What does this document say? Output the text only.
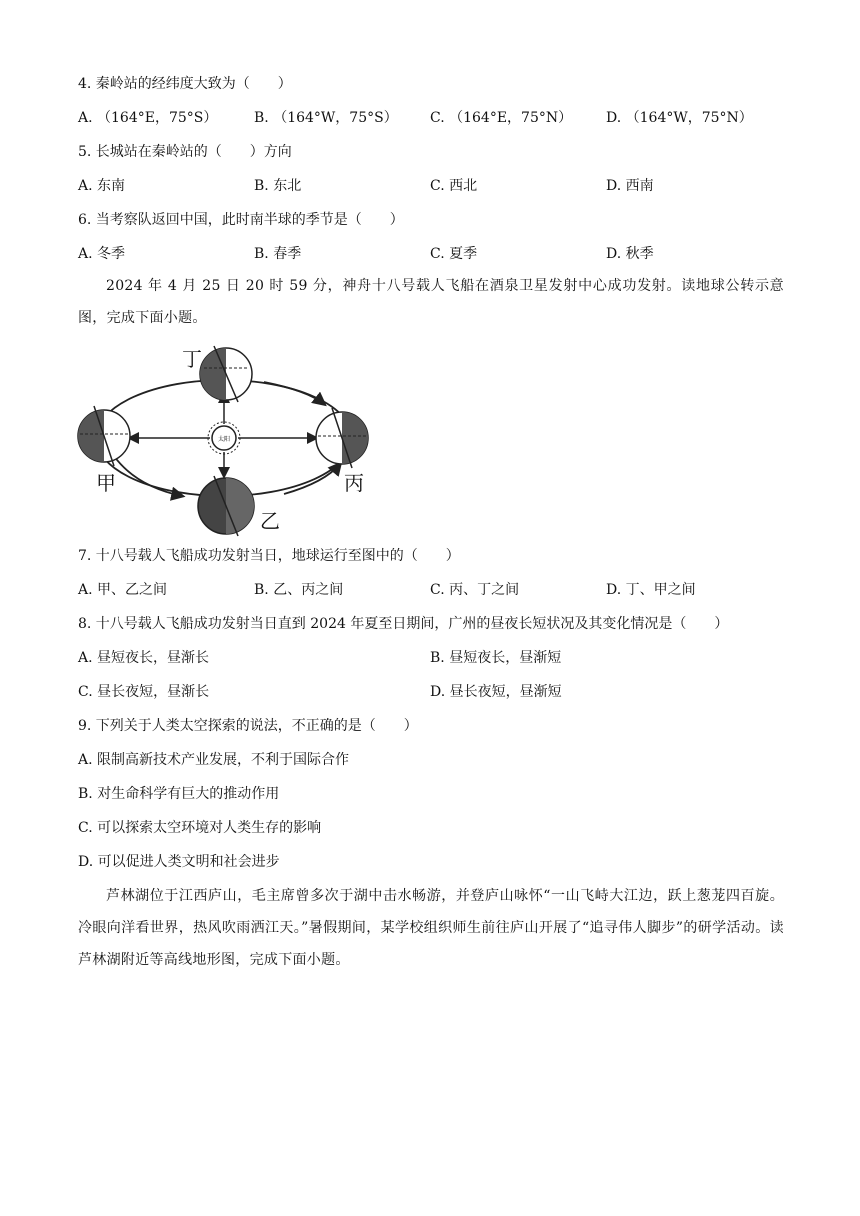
4. 秦岭站的经纬度大致为（　　）
A. （164°E，75°S）	B. （164°W，75°S） C. （164°E，75°N） D. （164°W，75°N）
5. 长城站在秦岭站的（　　）方向
A. 东南	B. 东北	C. 西北	D. 西南
6. 当考察队返回中国，此时南半球的季节是（　　）
A. 冬季	B. 春季	C. 夏季	D. 秋季
2024 年 4 月 25 日 20 时 59 分，神舟十八号载人飞船在酒泉卫星发射中心成功发射。读地球公转示意图，完成下面小题。
太阳
丁
甲
乙
丙
7. 十八号载人飞船成功发射当日，地球运行至图中的（　　）
A. 甲、乙之间	B. 乙、丙之间	C. 丙、丁之间	D. 丁、甲之间
8. 十八号载人飞船成功发射当日直到 2024 年夏至日期间，广州的昼夜长短状况及其变化情况是（　　）
A. 昼短夜长，昼渐长	B. 昼短夜长，昼渐短
C. 昼长夜短，昼渐长	D. 昼长夜短，昼渐短
9. 下列关于人类太空探索的说法，不正确的是（　　）
A. 限制高新技术产业发展，不利于国际合作
B. 对生命科学有巨大的推动作用
C. 可以探索太空环境对人类生存的影响
D. 可以促进人类文明和社会进步
芦林湖位于江西庐山，毛主席曾多次于湖中击水畅游，并登庐山咏怀“一山飞峙大江边，跃上葱茏四百旋。冷眼向洋看世界，热风吹雨洒江天。”暑假期间，某学校组织师生前往庐山开展了“追寻伟人脚步”的研学活动。读芦林湖附近等高线地形图，完成下面小题。
